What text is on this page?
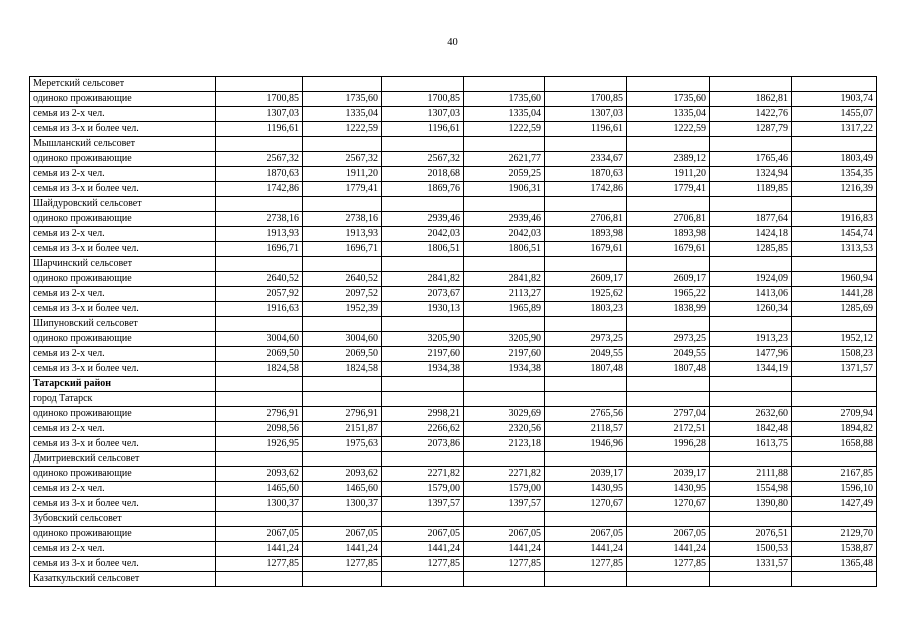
40
Меретский сельсовет								
одиноко проживающие	1700,85	1735,60	1700,85	1735,60	1700,85	1735,60	1862,81	1903,74
семья из 2-х чел.	1307,03	1335,04	1307,03	1335,04	1307,03	1335,04	1422,76	1455,07
семья из 3-х и более чел.	1196,61	1222,59	1196,61	1222,59	1196,61	1222,59	1287,79	1317,22
Мышланский сельсовет								
одиноко проживающие	2567,32	2567,32	2567,32	2621,77	2334,67	2389,12	1765,46	1803,49
семья из 2-х чел.	1870,63	1911,20	2018,68	2059,25	1870,63	1911,20	1324,94	1354,35
семья из 3-х и более чел.	1742,86	1779,41	1869,76	1906,31	1742,86	1779,41	1189,85	1216,39
Шайдуровский сельсовет								
одиноко проживающие	2738,16	2738,16	2939,46	2939,46	2706,81	2706,81	1877,64	1916,83
семья из 2-х чел.	1913,93	1913,93	2042,03	2042,03	1893,98	1893,98	1424,18	1454,74
семья из 3-х и более чел.	1696,71	1696,71	1806,51	1806,51	1679,61	1679,61	1285,85	1313,53
Шарчинский сельсовет								
одиноко проживающие	2640,52	2640,52	2841,82	2841,82	2609,17	2609,17	1924,09	1960,94
семья из 2-х чел.	2057,92	2097,52	2073,67	2113,27	1925,62	1965,22	1413,06	1441,28
семья из 3-х и более чел.	1916,63	1952,39	1930,13	1965,89	1803,23	1838,99	1260,34	1285,69
Шипуновский сельсовет								
одиноко проживающие	3004,60	3004,60	3205,90	3205,90	2973,25	2973,25	1913,23	1952,12
семья из 2-х чел.	2069,50	2069,50	2197,60	2197,60	2049,55	2049,55	1477,96	1508,23
семья из 3-х и более чел.	1824,58	1824,58	1934,38	1934,38	1807,48	1807,48	1344,19	1371,57
Татарский район								
город Татарск								
одиноко проживающие	2796,91	2796,91	2998,21	3029,69	2765,56	2797,04	2632,60	2709,94
семья из 2-х чел.	2098,56	2151,87	2266,62	2320,56	2118,57	2172,51	1842,48	1894,82
семья из 3-х и более чел.	1926,95	1975,63	2073,86	2123,18	1946,96	1996,28	1613,75	1658,88
Дмитриевский сельсовет								
одиноко проживающие	2093,62	2093,62	2271,82	2271,82	2039,17	2039,17	2111,88	2167,85
семья из 2-х чел.	1465,60	1465,60	1579,00	1579,00	1430,95	1430,95	1554,98	1596,10
семья из 3-х и более чел.	1300,37	1300,37	1397,57	1397,57	1270,67	1270,67	1390,80	1427,49
Зубовский сельсовет								
одиноко проживающие	2067,05	2067,05	2067,05	2067,05	2067,05	2067,05	2076,51	2129,70
семья из 2-х чел.	1441,24	1441,24	1441,24	1441,24	1441,24	1441,24	1500,53	1538,87
семья из 3-х и более чел.	1277,85	1277,85	1277,85	1277,85	1277,85	1277,85	1331,57	1365,48
Казаткульский сельсовет								
